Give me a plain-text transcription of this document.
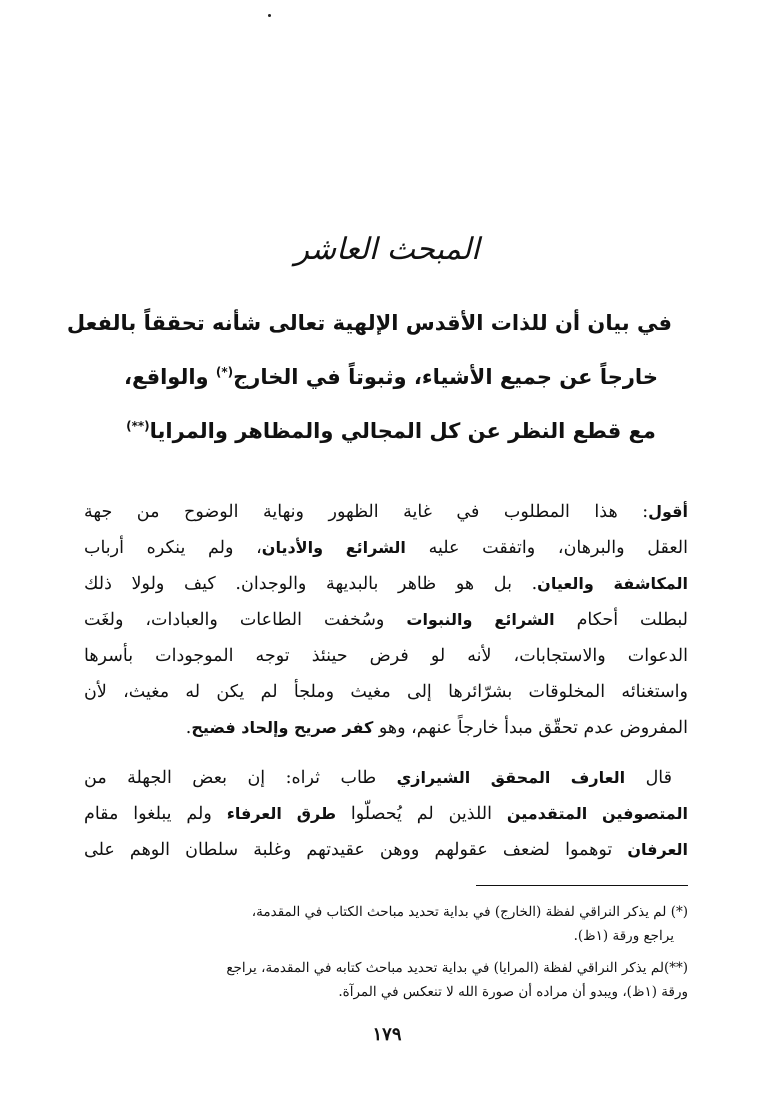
المبحث العاشر
في بيان أن للذات الأقدس الإلهية تعالى شأنه تحققاً بالفعل
خارجاً عن جميع الأشياء، وثبوتاً في الخارج(*) والواقع،
مع قطع النظر عن كل المجالي والمظاهر والمرايا(**)
أقول: هذا المطلوب في غاية الظهور ونهاية الوضوح من جهة
العقل والبرهان، واتفقت عليه الشرائع والأديان، ولم ينكره أرباب
المكاشفة والعيان. بل هو ظاهر بالبديهة والوجدان. كيف ولولا ذلك
لبطلت أحكام الشرائع والنبوات وسُخفت الطاعات والعبادات، ولغَت
الدعوات والاستجابات، لأنه لو فرض حينئذ توجه الموجودات بأسرها
واستغنائه المخلوقات بشرّائرها إلى مغيث وملجأ لم يكن له مغيث، لأن
المفروض عدم تحقّق مبدأ خارجاً عنهم، وهو كفر صريح وإلحاد فضيح.
قال العارف المحقق الشيرازي طاب ثراه: إن بعض الجهلة من
المتصوفين المتقدمين اللذين لم يُحصلّوا طرق العرفاء ولم يبلغوا مقام
العرفان توهموا لضعف عقولهم ووهن عقيدتهم وغلبة سلطان الوهم على
(*) لم يذكر النراقي لفظة (الخارج) في بداية تحديد مباحث الكتاب في المقدمة،
يراجع ورقة (١ظ).
(**)لم يذكر النراقي لفظة (المرايا) في بداية تحديد مباحث كتابه في المقدمة، يراجع
ورقة (١ظ)، ويبدو أن مراده أن صورة الله لا تنعكس في المرآة.
١٧٩
